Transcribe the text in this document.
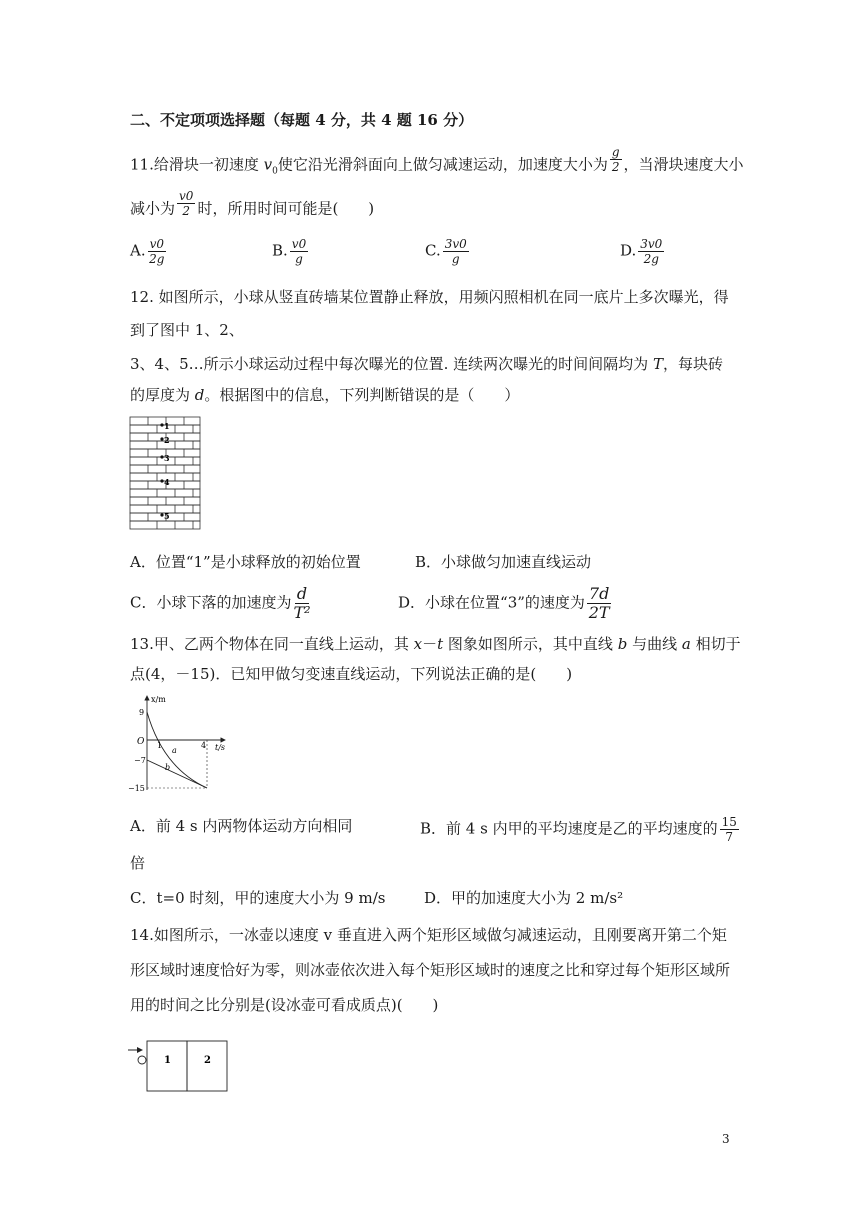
二、不定项项选择题（每题 4 分，共 4 题 16 分）
11.给滑块一初速度 $v_0$使它沿光滑斜面向上做匀减速运动，加速度大小为 $\frac{g}{2}$ ，当滑块速度大小
减小为 $\frac{v0}{2}$ 时，所用时间可能是(　　)
A. $\frac{v0}{2g}$	B. $\frac{v0}{g}$	C. $\frac{3v0}{g}$	D. $\frac{3v0}{2g}$
12. 如图所示，小球从竖直砖墙某位置静止释放，用频闪照相机在同一底片上多次曝光，得
到了图中 1、2、
3、4、5…所示小球运动过程中每次曝光的位置. 连续两次曝光的时间间隔均为 T，每块砖
的厚度为 d。根据图中的信息，下列判断错误的是（　　）
1
2
3
4
5
A．位置“1”是小球释放的初始位置	B．小球做匀加速直线运动
C．小球下落的加速度为 $\frac{d}{\text{T²}}$	D．小球在位置“3”的速度为 $\frac{7d}{2T}$
13.甲、乙两个物体在同一直线上运动，其 x－t 图象如图所示，其中直线 b 与曲线 a 相切于
点(4，－15)．已知甲做匀变速直线运动，下列说法正确的是(　　)
x/m
t/s
O
9
−7
−15
1	4
a
b
A．前 4 s 内两物体运动方向相同	B．前 4 s 内甲的平均速度是乙的平均速度的 $\frac{15}{7}$
倍
C．t=0 时刻，甲的速度大小为 9 m/s	D．甲的加速度大小为 2 m/s²
14.如图所示，一冰壶以速度 v 垂直进入两个矩形区域做匀减速运动，且刚要离开第二个矩
形区域时速度恰好为零，则冰壶依次进入每个矩形区域时的速度之比和穿过每个矩形区域所
用的时间之比分别是(设冰壶可看成质点)(　　)
1	2
3
